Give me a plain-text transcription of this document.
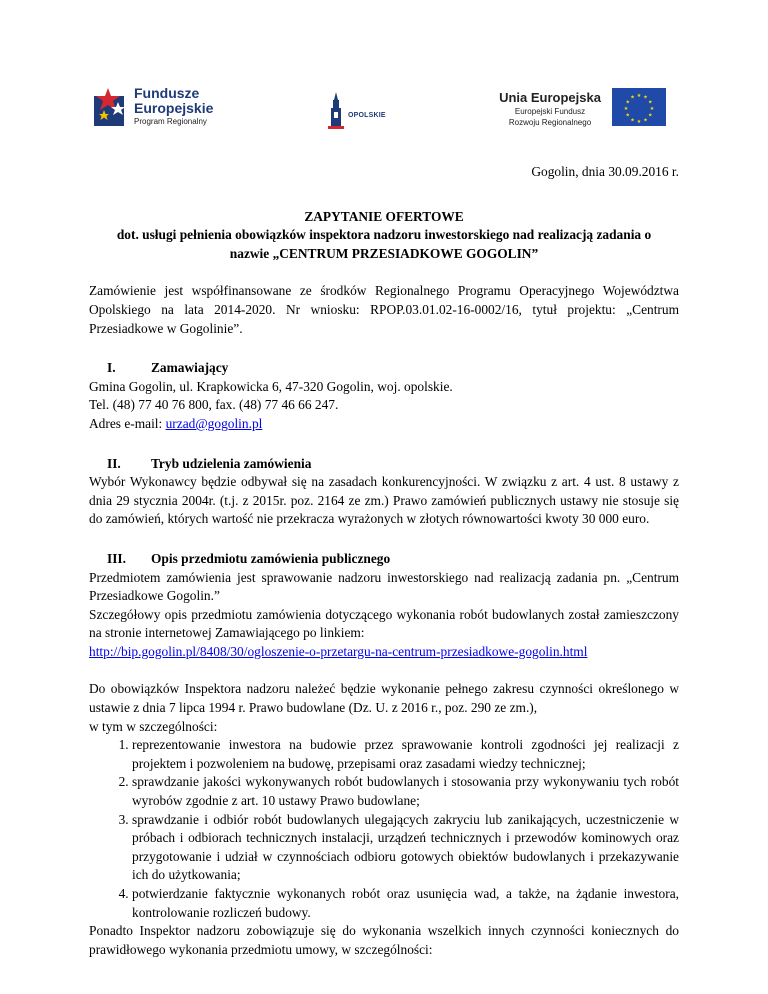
Fundusze
Europejskie
Program Regionalny
OPOLSKIE
Unia Europejska
Europejski Fundusz
Rozwoju Regionalnego
★ ★
★
★
★
★
★
★
★
★
★
★

Gogolin, dnia 30.09.2016 r.

ZAPYTANIE OFERTOWE
dot. usługi pełnienia obowiązków inspektora nadzoru inwestorskiego nad realizacją zadania o
nazwie „CENTRUM PRZESIADKOWE GOGOLIN”

Zamówienie jest współfinansowane ze środków Regionalnego Programu Operacyjnego Województwa Opolskiego na lata 2014-2020. Nr wniosku: RPOP.03.01.02-16-0002/16, tytuł projektu: „Centrum Przesiadkowe w Gogolinie”.

I.	Zamawiający

Gmina Gogolin, ul. Krapkowicka 6, 47-320 Gogolin, woj. opolskie.

Tel. (48) 77 40 76 800, fax. (48) 77 46 66 247.

Adres e-mail: urzad@gogolin.pl

II. Tryb udzielenia zamówienia

Wybór Wykonawcy będzie odbywał się na zasadach konkurencyjności. W związku z art. 4 ust. 8 ustawy z dnia 29 stycznia 2004r. (t.j. z 2015r. poz. 2164 ze zm.) Prawo zamówień publicznych ustawy nie stosuje się do zamówień, których wartość nie przekracza wyrażonych w złotych równowartości kwoty 30 000 euro.

III. Opis przedmiotu zamówienia publicznego

Przedmiotem zamówienia jest sprawowanie nadzoru inwestorskiego nad realizacją zadania pn. „Centrum Przesiadkowe Gogolin.”

Szczegółowy opis przedmiotu zamówienia dotyczącego wykonania robót budowlanych został zamieszczony na stronie internetowej Zamawiającego po linkiem:

http://bip.gogolin.pl/8408/30/ogloszenie-o-przetargu-na-centrum-przesiadkowe-gogolin.html

Do obowiązków Inspektora nadzoru należeć będzie wykonanie pełnego zakresu czynności określonego w ustawie z dnia 7 lipca 1994 r. Prawo budowlane (Dz. U. z 2016 r., poz. 290 ze zm.),

w tym w szczególności:

1. reprezentowanie inwestora na budowie przez sprawowanie kontroli zgodności jej realizacji z projektem i pozwoleniem na budowę, przepisami oraz zasadami wiedzy technicznej;
2. sprawdzanie jakości wykonywanych robót budowlanych i stosowania przy wykonywaniu tych robót wyrobów zgodnie z art. 10 ustawy Prawo budowlane;
3. sprawdzanie i odbiór robót budowlanych ulegających zakryciu lub zanikających, uczestniczenie w próbach i odbiorach technicznych instalacji, urządzeń technicznych i przewodów kominowych oraz przygotowanie i udział w czynnościach odbioru gotowych obiektów budowlanych i przekazywanie ich do użytkowania;
4. potwierdzanie faktycznie wykonanych robót oraz usunięcia wad, a także, na żądanie inwestora, kontrolowanie rozliczeń budowy.

Ponadto Inspektor nadzoru zobowiązuje się do wykonania wszelkich innych czynności koniecznych do prawidłowego wykonania przedmiotu umowy, w szczególności:
